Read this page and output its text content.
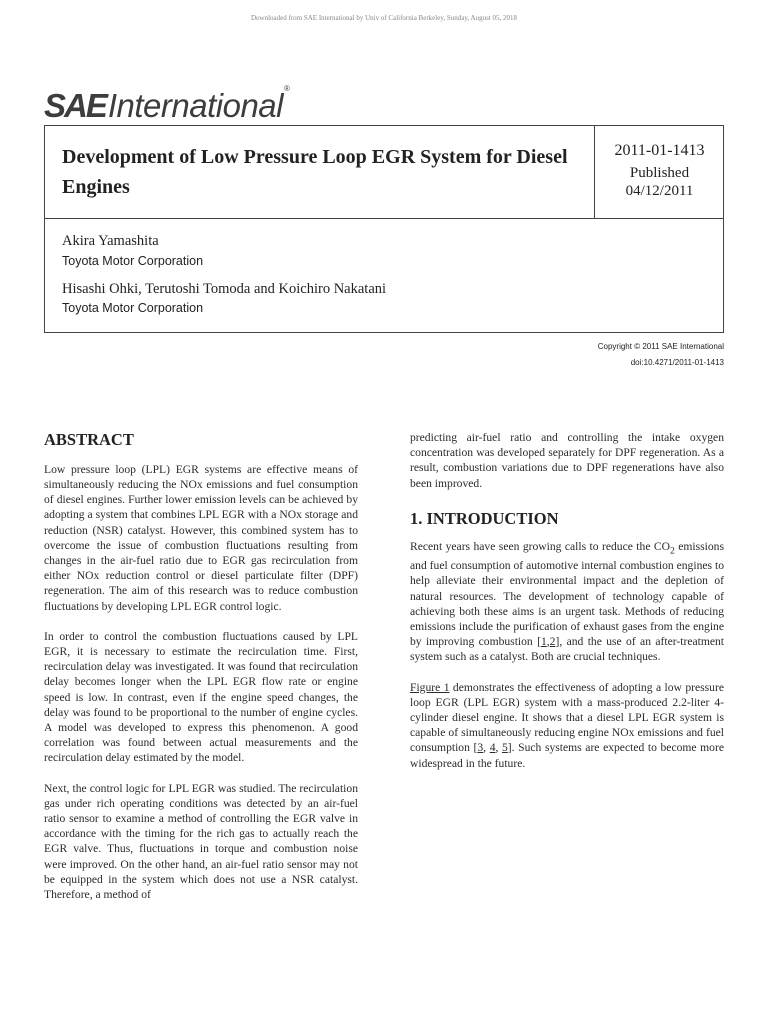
Downloaded from SAE International by Univ of California Berkeley, Sunday, August 05, 2018
SAE International ®
Development of Low Pressure Loop EGR System for Diesel Engines
2011-01-1413
Published
04/12/2011
Akira Yamashita
Toyota Motor Corporation
Hisashi Ohki, Terutoshi Tomoda and Koichiro Nakatani
Toyota Motor Corporation
Copyright © 2011 SAE International
doi:10.4271/2011-01-1413
ABSTRACT

Low pressure loop (LPL) EGR systems are effective means of simultaneously reducing the NOx emissions and fuel consumption of diesel engines. Further lower emission levels can be achieved by adopting a system that combines LPL EGR with a NOx storage and reduction (NSR) catalyst. However, this combined system has to overcome the issue of combustion fluctuations resulting from changes in the air-fuel ratio due to EGR gas recirculation from either NOx reduction control or diesel particulate filter (DPF) regeneration. The aim of this research was to reduce combustion fluctuations by developing LPL EGR control logic.

In order to control the combustion fluctuations caused by LPL EGR, it is necessary to estimate the recirculation time. First, recirculation delay was investigated. It was found that recirculation delay becomes longer when the LPL EGR flow rate or engine speed is low. In contrast, even if the engine speed changes, the delay was found to be proportional to the number of engine cycles. A model was developed to express this phenomenon. A good correlation was found between actual measurements and the recirculation delay estimated by the model.

Next, the control logic for LPL EGR was studied. The recirculation gas under rich operating conditions was detected by an air-fuel ratio sensor to examine a method of controlling the EGR valve in accordance with the timing for the rich gas to actually reach the EGR valve. Thus, fluctuations in torque and combustion noise were improved. On the other hand, an air-fuel ratio sensor may not be equipped in the system which does not use a NSR catalyst. Therefore, a method of

predicting air-fuel ratio and controlling the intake oxygen concentration was developed separately for DPF regeneration. As a result, combustion variations due to DPF regenerations have also been improved.

1. INTRODUCTION

Recent years have seen growing calls to reduce the $CO_2$ emissions and fuel consumption of automotive internal combustion engines to help alleviate their environmental impact and the depletion of natural resources. The development of technology capable of achieving both these aims is an urgent task. Methods of reducing emissions include the purification of exhaust gases from the engine by improving combustion [1,2], and the use of an after-treatment system such as a catalyst. Both are crucial techniques.

Figure 1 demonstrates the effectiveness of adopting a low pressure loop EGR (LPL EGR) system with a mass-produced 2.2-liter 4-cylinder diesel engine. It shows that a diesel LPL EGR system is capable of simultaneously reducing engine NOx emissions and fuel consumption [3, 4, 5]. Such systems are expected to become more widespread in the future.
